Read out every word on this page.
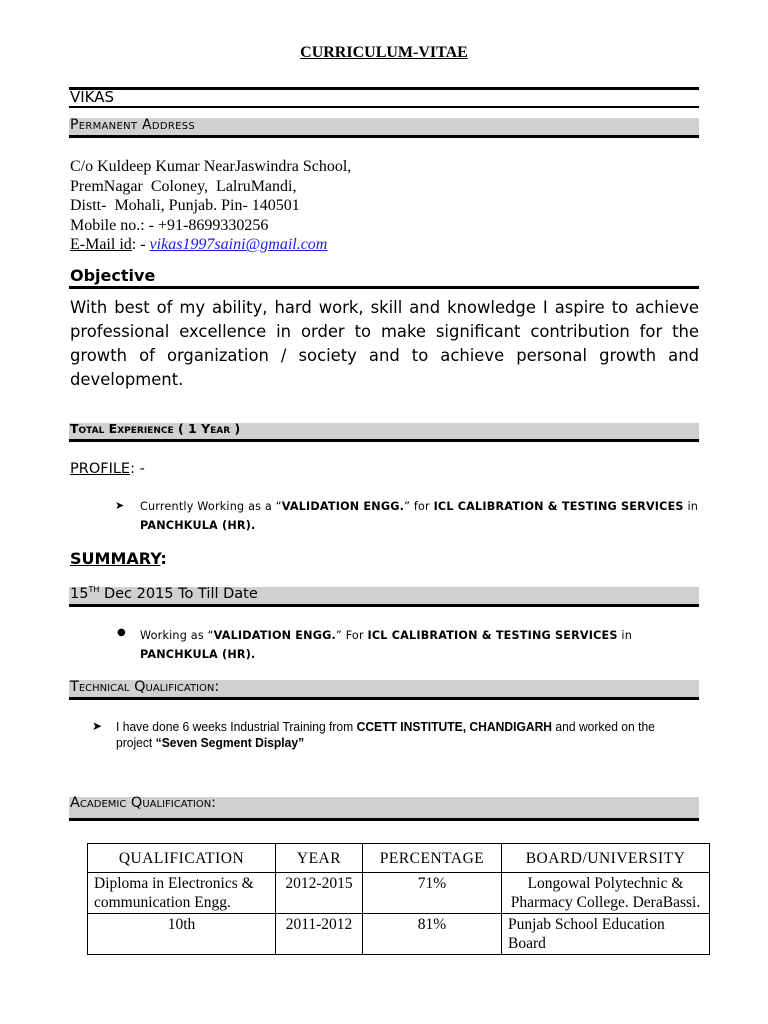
CURRICULUM-VITAE
VIKAS
Permanent Address
C/o Kuldeep Kumar NearJaswindra School,
PremNagar  Coloney,  LalruMandi,
Distt-  Mohali, Punjab. Pin- 140501
Mobile no.: - +91-8699330256
E-Mail id: - vikas1997saini@gmail.com
Objective
With best of my ability, hard work, skill and knowledge I aspire to achieve professional excellence in order to make significant contribution for the growth of organization / society and to achieve personal growth and development.
Total Experience ( 1 Year )
PROFILE: -
➤ Currently Working as a “VALIDATION ENGG.” for ICL CALIBRATION & TESTING SERVICES in PANCHKULA (HR).
SUMMARY:
15TH Dec 2015 To Till Date
● Working as “VALIDATION ENGG.” For ICL CALIBRATION & TESTING SERVICES in PANCHKULA (HR).
Technical Qualification:
➤ I have done 6 weeks Industrial Training from CCETT INSTITUTE, CHANDIGARH and worked on the project “Seven Segment Display”
Academic Qualification:
QUALIFICATION	YEAR	PERCENTAGE	BOARD/UNIVERSITY
Diploma in Electronics & communication Engg.	2012-2015	71%	Longowal Polytechnic & Pharmacy College. DeraBassi.
10th	2011-2012	81%	Punjab School Education Board
